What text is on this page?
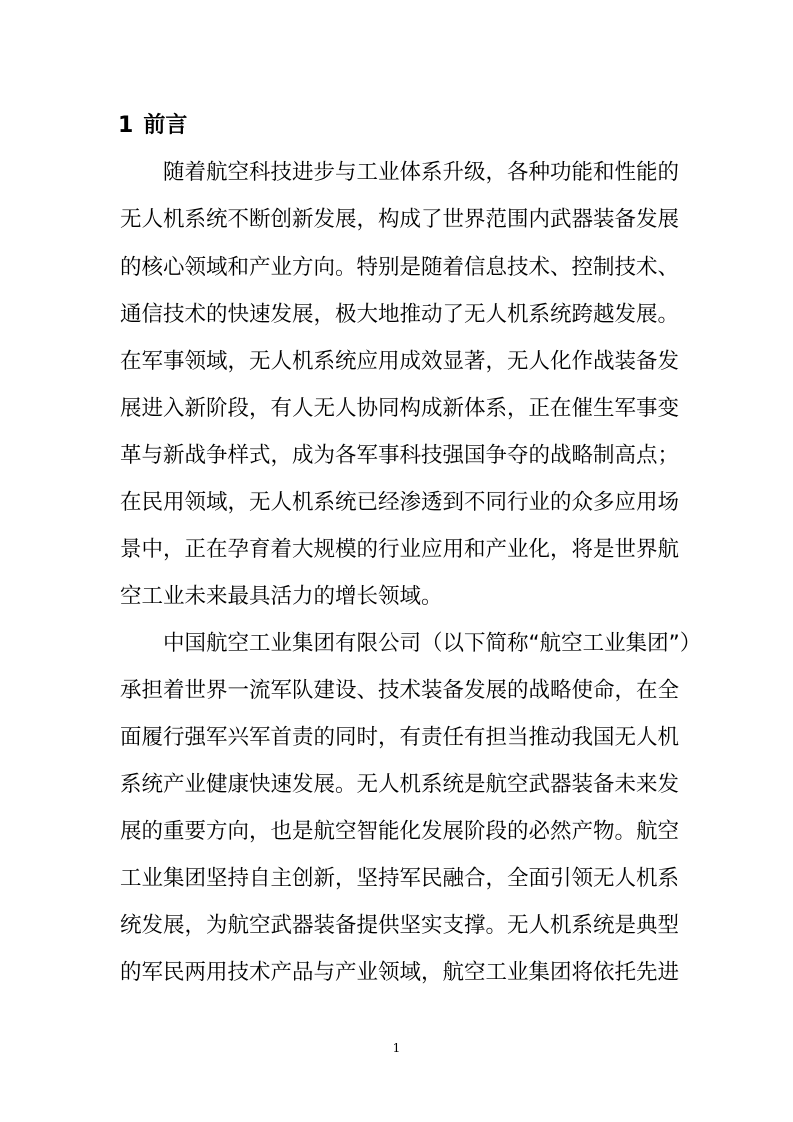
1 前言
随着航空科技进步与工业体系升级，各种功能和性能的
无人机系统不断创新发展，构成了世界范围内武器装备发展
的核心领域和产业方向。特别是随着信息技术、控制技术、
通信技术的快速发展，极大地推动了无人机系统跨越发展。
在军事领域，无人机系统应用成效显著，无人化作战装备发
展进入新阶段，有人无人协同构成新体系，正在催生军事变
革与新战争样式，成为各军事科技强国争夺的战略制高点；
在民用领域，无人机系统已经渗透到不同行业的众多应用场
景中，正在孕育着大规模的行业应用和产业化，将是世界航
空工业未来最具活力的增长领域。
中国航空工业集团有限公司（以下简称“航空工业集团”）
承担着世界一流军队建设、技术装备发展的战略使命，在全
面履行强军兴军首责的同时，有责任有担当推动我国无人机
系统产业健康快速发展。无人机系统是航空武器装备未来发
展的重要方向，也是航空智能化发展阶段的必然产物。航空
工业集团坚持自主创新，坚持军民融合，全面引领无人机系
统发展，为航空武器装备提供坚实支撑。无人机系统是典型
的军民两用技术产品与产业领域，航空工业集团将依托先进
1
